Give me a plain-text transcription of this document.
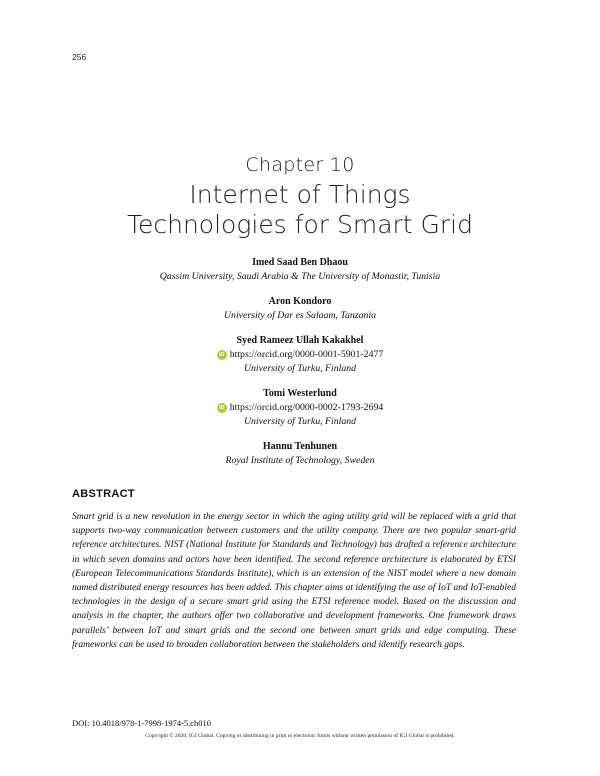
256
Chapter 10
Internet of Things
Technologies for Smart Grid
Imed Saad Ben Dhaou
Qassim University, Saudi Arabia & The University of Monastir, Tunisia
Aron Kondoro
University of Dar es Salaam, Tanzania
Syed Rameez Ullah Kakakhel
iD https://orcid.org/0000-0001-5901-2477
University of Turku, Finland
Tomi Westerlund
iD https://orcid.org/0000-0002-1793-2694
University of Turku, Finland
Hannu Tenhunen
Royal Institute of Technology, Sweden
ABSTRACT
Smart grid is a new revolution in the energy sector in which the aging utility grid will be replaced with a grid that supports two-way communication between customers and the utility company. There are two popular smart-grid reference architectures. NIST (National Institute for Standards and Technology) has drafted a reference architecture in which seven domains and actors have been identified. The second reference architecture is elaborated by ETSI (European Telecommunications Standards Institute), which is an extension of the NIST model where a new domain named distributed energy resources has been added. This chapter aims at identifying the use of IoT and IoT-enabled technologies in the design of a secure smart grid using the ETSI reference model. Based on the discussion and analysis in the chapter, the authors offer two collaborative and development frameworks. One framework draws parallels’ between IoT and smart grids and the second one between smart grids and edge computing. These frameworks can be used to broaden collaboration between the stakeholders and identify research gaps.
DOI: 10.4018/978-1-7998-1974-5.ch010
Copyright © 2020, IGI Global. Copying or distributing in print or electronic forms without written permission of IGI Global is prohibited.
